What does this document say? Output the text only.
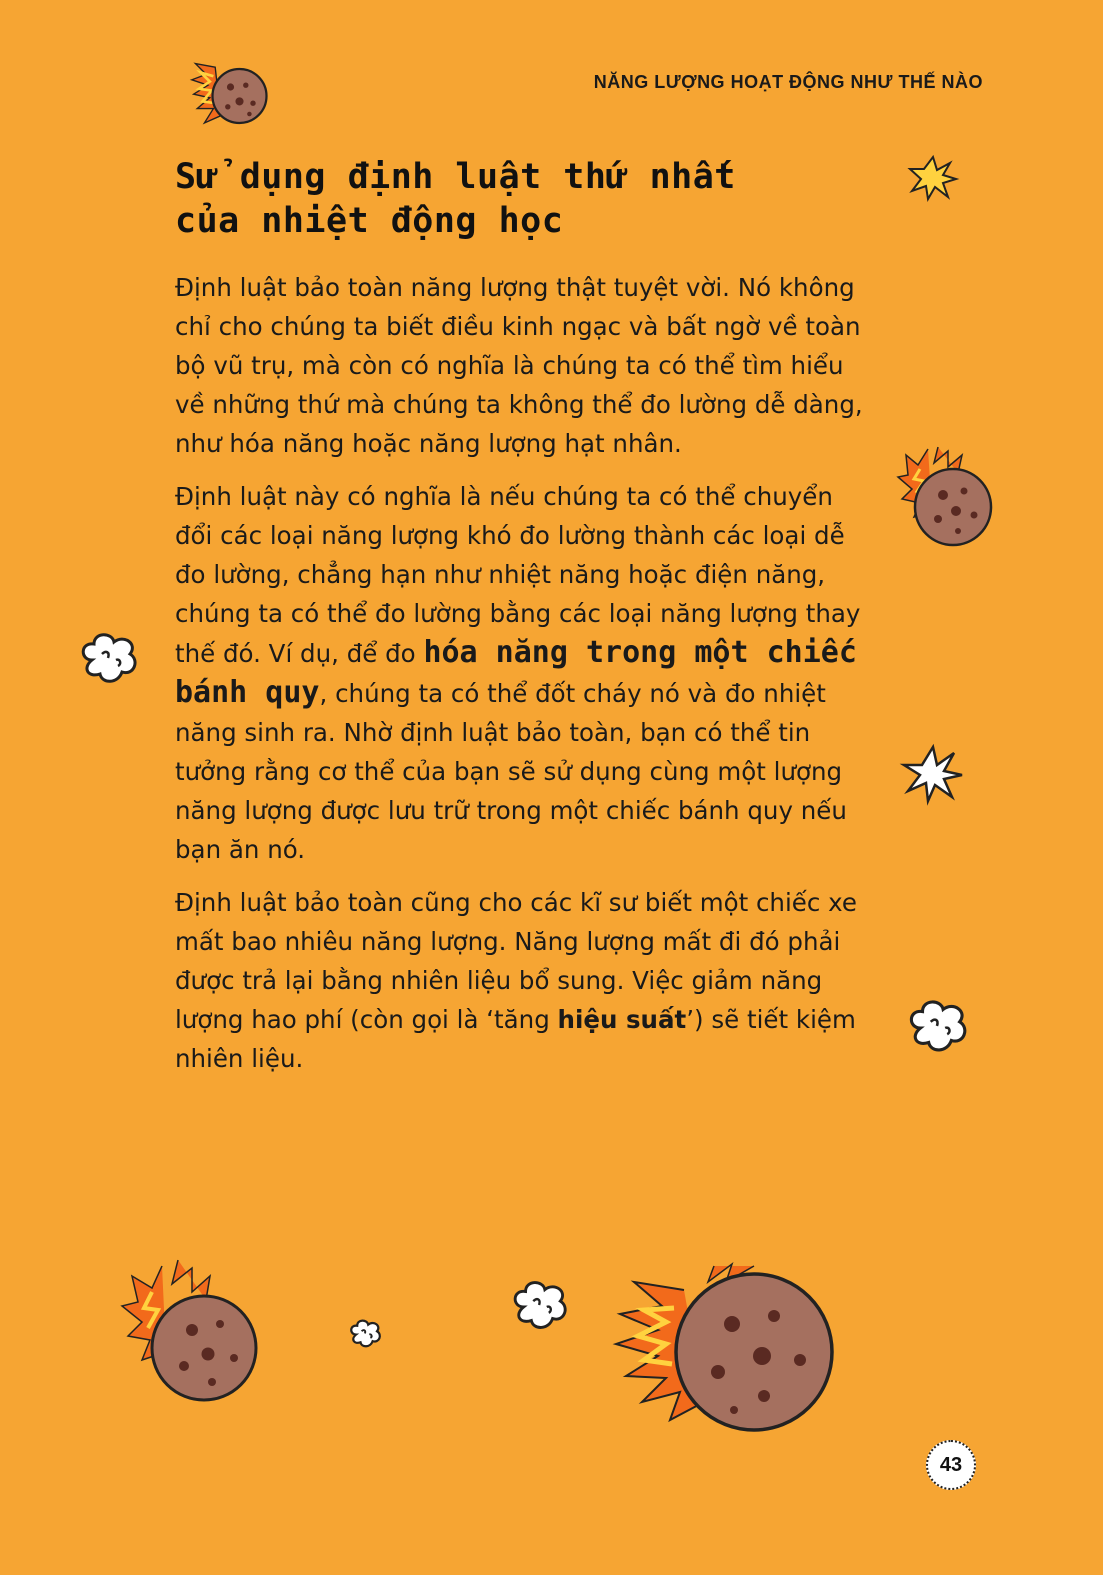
NĂNG LƯỢNG HOẠT ĐỘNG NHƯ THẾ NÀO
Sử dụng định luật thứ nhất
của nhiệt động học

Định luật bảo toàn năng lượng thật tuyệt vời. Nó không chỉ cho chúng ta biết điều kinh ngạc và bất ngờ về toàn bộ vũ trụ, mà còn có nghĩa là chúng ta có thể tìm hiểu về những thứ mà chúng ta không thể đo lường dễ dàng, như hóa năng hoặc năng lượng hạt nhân.

Định luật này có nghĩa là nếu chúng ta có thể chuyển đổi các loại năng lượng khó đo lường thành các loại dễ đo lường, chẳng hạn như nhiệt năng hoặc điện năng, chúng ta có thể đo lường bằng các loại năng lượng thay thế đó. Ví dụ, để đo hóa năng trong một chiếc bánh quy, chúng ta có thể đốt cháy nó và đo nhiệt năng sinh ra. Nhờ định luật bảo toàn, bạn có thể tin tưởng rằng cơ thể của bạn sẽ sử dụng cùng một lượng năng lượng được lưu trữ trong một chiếc bánh quy nếu bạn ăn nó.

Định luật bảo toàn cũng cho các kĩ sư biết một chiếc xe mất bao nhiêu năng lượng. Năng lượng mất đi đó phải được trả lại bằng nhiên liệu bổ sung. Việc giảm năng lượng hao phí (còn gọi là ‘tăng hiệu suất’) sẽ tiết kiệm nhiên liệu.

43
